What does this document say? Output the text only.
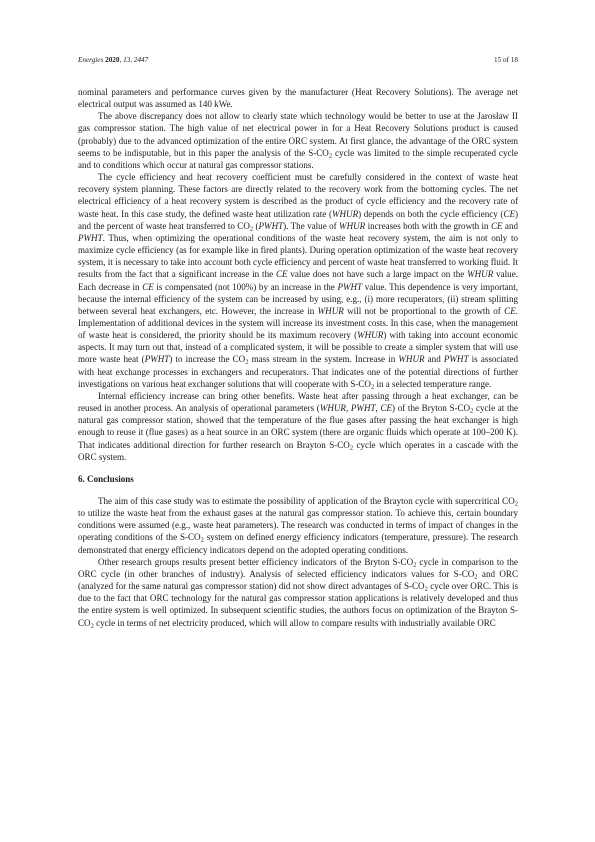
Energies 2020, 13, 2447	15 of 18

nominal parameters and performance curves given by the manufacturer (Heat Recovery Solutions). The average net electrical output was assumed as 140 kWe.

The above discrepancy does not allow to clearly state which technology would be better to use at the Jarosław II gas compressor station. The high value of net electrical power in for a Heat Recovery Solutions product is caused (probably) due to the advanced optimization of the entire ORC system. At first glance, the advantage of the ORC system seems to be indisputable, but in this paper the analysis of the $S-CO_2$ cycle was limited to the simple recuperated cycle and to conditions which occur at natural gas compressor stations.

The cycle efficiency and heat recovery coefficient must be carefully considered in the context of waste heat recovery system planning. These factors are directly related to the recovery work from the bottoming cycles. The net electrical efficiency of a heat recovery system is described as the product of cycle efficiency and the recovery rate of waste heat. In this case study, the defined waste heat utilization rate (WHUR) depends on both the cycle efficiency (CE) and the percent of waste heat transferred to $CO_2$ (PWHT). The value of WHUR increases both with the growth in CE and PWHT. Thus, when optimizing the operational conditions of the waste heat recovery system, the aim is not only to maximize cycle efficiency (as for example like in fired plants). During operation optimization of the waste heat recovery system, it is necessary to take into account both cycle efficiency and percent of waste heat transferred to working fluid. It results from the fact that a significant increase in the CE value does not have such a large impact on the WHUR value. Each decrease in CE is compensated (not 100%) by an increase in the PWHT value. This dependence is very important, because the internal efficiency of the system can be increased by using, e.g., (i) more recuperators, (ii) stream splitting between several heat exchangers, etc. However, the increase in WHUR will not be proportional to the growth of CE. Implementation of additional devices in the system will increase its investment costs. In this case, when the management of waste heat is considered, the priority should be its maximum recovery (WHUR) with taking into account economic aspects. It may turn out that, instead of a complicated system, it will be possible to create a simpler system that will use more waste heat (PWHT) to increase the $CO_2$ mass stream in the system. Increase in WHUR and PWHT is associated with heat exchange processes in exchangers and recuperators. That indicates one of the potential directions of further investigations on various heat exchanger solutions that will cooperate with $S-CO_2$ in a selected temperature range.

Internal efficiency increase can bring other benefits. Waste heat after passing through a heat exchanger, can be reused in another process. An analysis of operational parameters (WHUR, PWHT, CE) of the Bryton $S-CO_2$ cycle at the natural gas compressor station, showed that the temperature of the flue gases after passing the heat exchanger is high enough to reuse it (flue gases) as a heat source in an ORC system (there are organic fluids which operate at 100–200 K). That indicates additional direction for further research on Brayton $S-CO_2$ cycle which operates in a cascade with the ORC system.

6. Conclusions

The aim of this case study was to estimate the possibility of application of the Brayton cycle with supercritical $CO_2$ to utilize the waste heat from the exhaust gases at the natural gas compressor station. To achieve this, certain boundary conditions were assumed (e.g., waste heat parameters). The research was conducted in terms of impact of changes in the operating conditions of the $S-CO_2$ system on defined energy efficiency indicators (temperature, pressure). The research demonstrated that energy efficiency indicators depend on the adopted operating conditions.

Other research groups results present better efficiency indicators of the Bryton $S-CO_2$ cycle in comparison to the ORC cycle (in other branches of industry). Analysis of selected efficiency indicators values for $S-CO_2$ and ORC (analyzed for the same natural gas compressor station) did not show direct advantages of $S-CO_2$ cycle over ORC. This is due to the fact that ORC technology for the natural gas compressor station applications is relatively developed and thus the entire system is well optimized. In subsequent scientific studies, the authors focus on optimization of the Brayton $S-CO_2$ cycle in terms of net electricity produced, which will allow to compare results with industrially available ORC
